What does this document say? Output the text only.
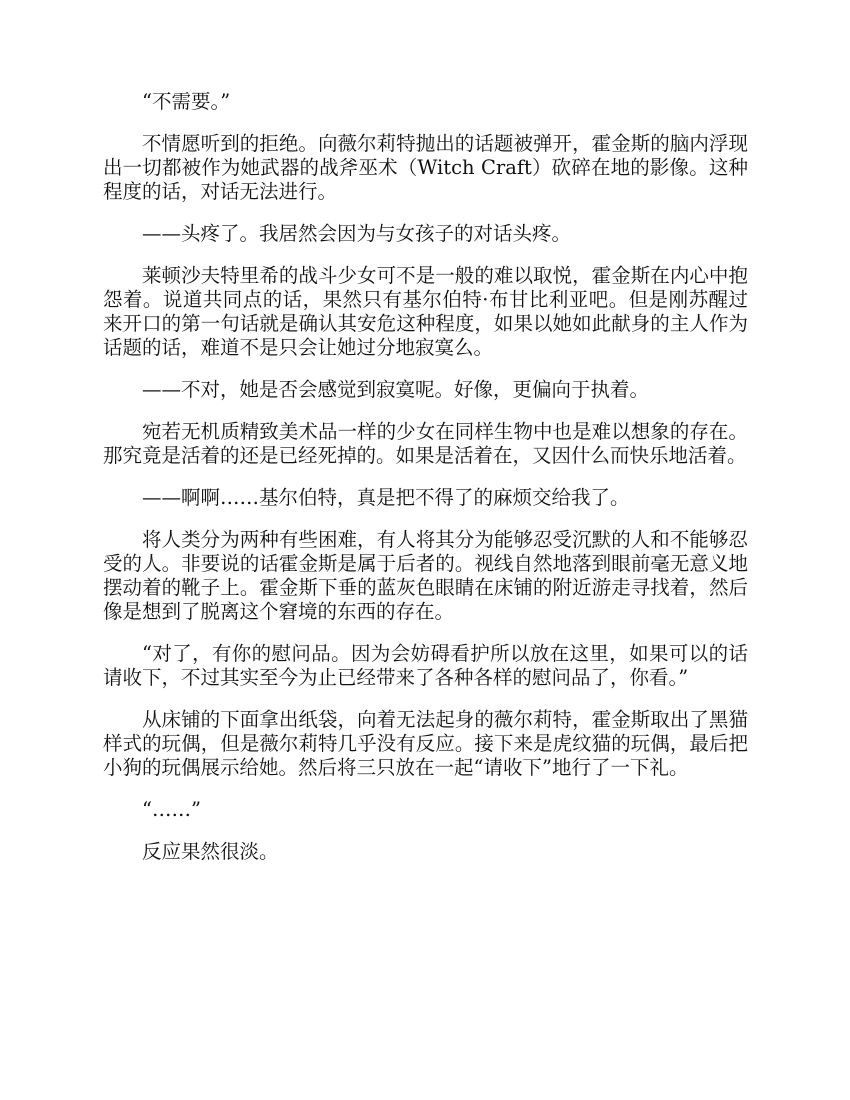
“不需要。”

不情愿听到的拒绝。向薇尔莉特抛出的话题被弹开，霍金斯的脑内浮现出一切都被作为她武器的战斧巫术（Witch Craft）砍碎在地的影像。这种程度的话，对话无法进行。

——头疼了。我居然会因为与女孩子的对话头疼。

莱顿沙夫特里希的战斗少女可不是一般的难以取悦，霍金斯在内心中抱怨着。说道共同点的话，果然只有基尔伯特·布甘比利亚吧。但是刚苏醒过来开口的第一句话就是确认其安危这种程度，如果以她如此献身的主人作为话题的话，难道不是只会让她过分地寂寞么。

——不对，她是否会感觉到寂寞呢。好像，更偏向于执着。

宛若无机质精致美术品一样的少女在同样生物中也是难以想象的存在。那究竟是活着的还是已经死掉的。如果是活着在，又因什么而快乐地活着。

——啊啊……基尔伯特，真是把不得了的麻烦交给我了。

将人类分为两种有些困难，有人将其分为能够忍受沉默的人和不能够忍受的人。非要说的话霍金斯是属于后者的。视线自然地落到眼前毫无意义地摆动着的靴子上。霍金斯下垂的蓝灰色眼睛在床铺的附近游走寻找着，然后像是想到了脱离这个窘境的东西的存在。

“对了，有你的慰问品。因为会妨碍看护所以放在这里，如果可以的话请收下，不过其实至今为止已经带来了各种各样的慰问品了，你看。”

从床铺的下面拿出纸袋，向着无法起身的薇尔莉特，霍金斯取出了黑猫样式的玩偶，但是薇尔莉特几乎没有反应。接下来是虎纹猫的玩偶，最后把小狗的玩偶展示给她。然后将三只放在一起“请收下”地行了一下礼。

“……”

反应果然很淡。
